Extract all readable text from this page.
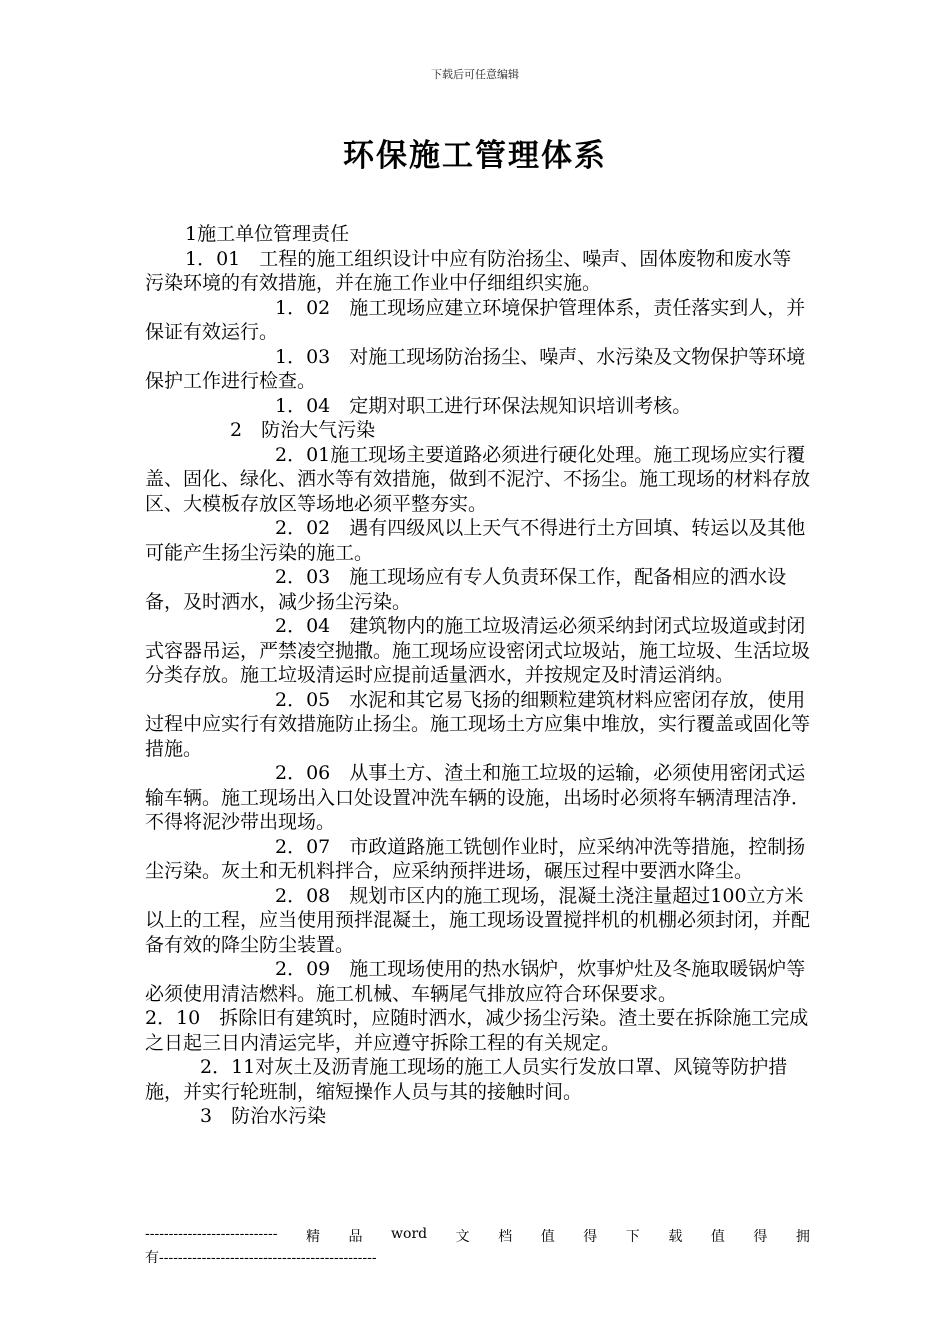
下载后可任意编辑
环保施工管理体系

1施工单位管理责任

1．01　工程的施工组织设计中应有防治扬尘、噪声、固体废物和废水等污染环境的有效措施，并在施工作业中仔细组织实施。

1．02　施工现场应建立环境保护管理体系，责任落实到人，并保证有效运行。

1．03　对施工现场防治扬尘、噪声、水污染及文物保护等环境保护工作进行检查。

1．04　定期对职工进行环保法规知识培训考核。

2　防治大气污染

2．01施工现场主要道路必须进行硬化处理。施工现场应实行覆盖、固化、绿化、洒水等有效措施，做到不泥泞、不扬尘。施工现场的材料存放区、大模板存放区等场地必须平整夯实。

2．02　遇有四级风以上天气不得进行土方回填、转运以及其他可能产生扬尘污染的施工。

2．03　施工现场应有专人负责环保工作，配备相应的洒水设备，及时洒水，减少扬尘污染。

2．04　建筑物内的施工垃圾清运必须采纳封闭式垃圾道或封闭式容器吊运，严禁凌空抛撒。施工现场应设密闭式垃圾站，施工垃圾、生活垃圾分类存放。施工垃圾清运时应提前适量洒水，并按规定及时清运消纳。

2．05　水泥和其它易飞扬的细颗粒建筑材料应密闭存放，使用过程中应实行有效措施防止扬尘。施工现场土方应集中堆放，实行覆盖或固化等措施。

2．06　从事土方、渣土和施工垃圾的运输，必须使用密闭式运输车辆。施工现场出入口处设置冲洗车辆的设施，出场时必须将车辆清理洁净．不得将泥沙带出现场。

2．07　市政道路施工铣刨作业时，应采纳冲洗等措施，控制扬尘污染。灰土和无机料拌合，应采纳预拌进场，碾压过程中要洒水降尘。

2．08　规划市区内的施工现场，混凝土浇注量超过100立方米以上的工程，应当使用预拌混凝土，施工现场设置搅拌机的机棚必须封闭，并配备有效的降尘防尘装置。

2．09　施工现场使用的热水锅炉，炊事炉灶及冬施取暖锅炉等必须使用清洁燃料。施工机械、车辆尾气排放应符合环保要求。　　　　　　 2．10　拆除旧有建筑时，应随时洒水，减少扬尘污染。渣土要在拆除施工完成之日起三日内清运完毕，并应遵守拆除工程的有关规定。

2．11对灰土及沥青施工现场的施工人员实行发放口罩、风镜等防护措施，并实行轮班制，缩短操作人员与其的接触时间。

3　防治水污染

---------------------------- 精 品 word 文 档 值 得 下 载 值 得 拥
有----------------------------------------------
